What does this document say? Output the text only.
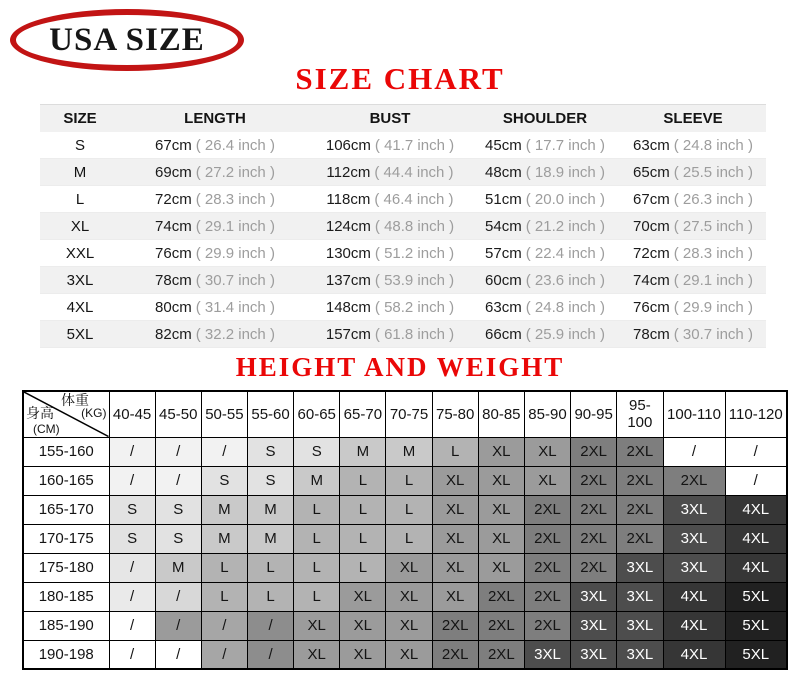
USA SIZE
SIZE CHART
SIZE	LENGTH	BUST	SHOULDER	SLEEVE
S	67cm ( 26.4 inch )	106cm ( 41.7 inch )	45cm ( 17.7 inch )	63cm ( 24.8 inch )
M	69cm ( 27.2 inch )	112cm ( 44.4 inch )	48cm ( 18.9 inch )	65cm ( 25.5 inch )
L	72cm ( 28.3 inch )	118cm ( 46.4 inch )	51cm ( 20.0 inch )	67cm ( 26.3 inch )
XL	74cm ( 29.1 inch )	124cm ( 48.8 inch )	54cm ( 21.2 inch )	70cm ( 27.5 inch )
XXL	76cm ( 29.9 inch )	130cm ( 51.2 inch )	57cm ( 22.4 inch )	72cm ( 28.3 inch )
3XL	78cm ( 30.7 inch )	137cm ( 53.9 inch )	60cm ( 23.6 inch )	74cm ( 29.1 inch )
4XL	80cm ( 31.4 inch )	148cm ( 58.2 inch )	63cm ( 24.8 inch )	76cm ( 29.9 inch )
5XL	82cm ( 32.2 inch )	157cm ( 61.8 inch )	66cm ( 25.9 inch )	78cm ( 30.7 inch )
HEIGHT AND WEIGHT
体重
(KG)
身高
(CM)	40-45	45-50	50-55	55-60	60-65	65-70	70-75	75-80	80-85	85-90	90-95	95-100	100-110	110-120
155-160	/	/	/	S	S	M	M	L	XL	XL	2XL	2XL	/	/
160-165	/	/	S	S	M	L	L	XL	XL	XL	2XL	2XL	2XL	/
165-170	S	S	M	M	L	L	L	XL	XL	2XL	2XL	2XL	3XL	4XL
170-175	S	S	M	M	L	L	L	XL	XL	2XL	2XL	2XL	3XL	4XL
175-180	/	M	L	L	L	L	XL	XL	XL	2XL	2XL	3XL	3XL	4XL
180-185	/	/	L	L	L	XL	XL	XL	2XL	2XL	3XL	3XL	4XL	5XL
185-190	/	/	/	/	XL	XL	XL	2XL	2XL	2XL	3XL	3XL	4XL	5XL
190-198	/	/	/	/	XL	XL	XL	2XL	2XL	3XL	3XL	3XL	4XL	5XL
